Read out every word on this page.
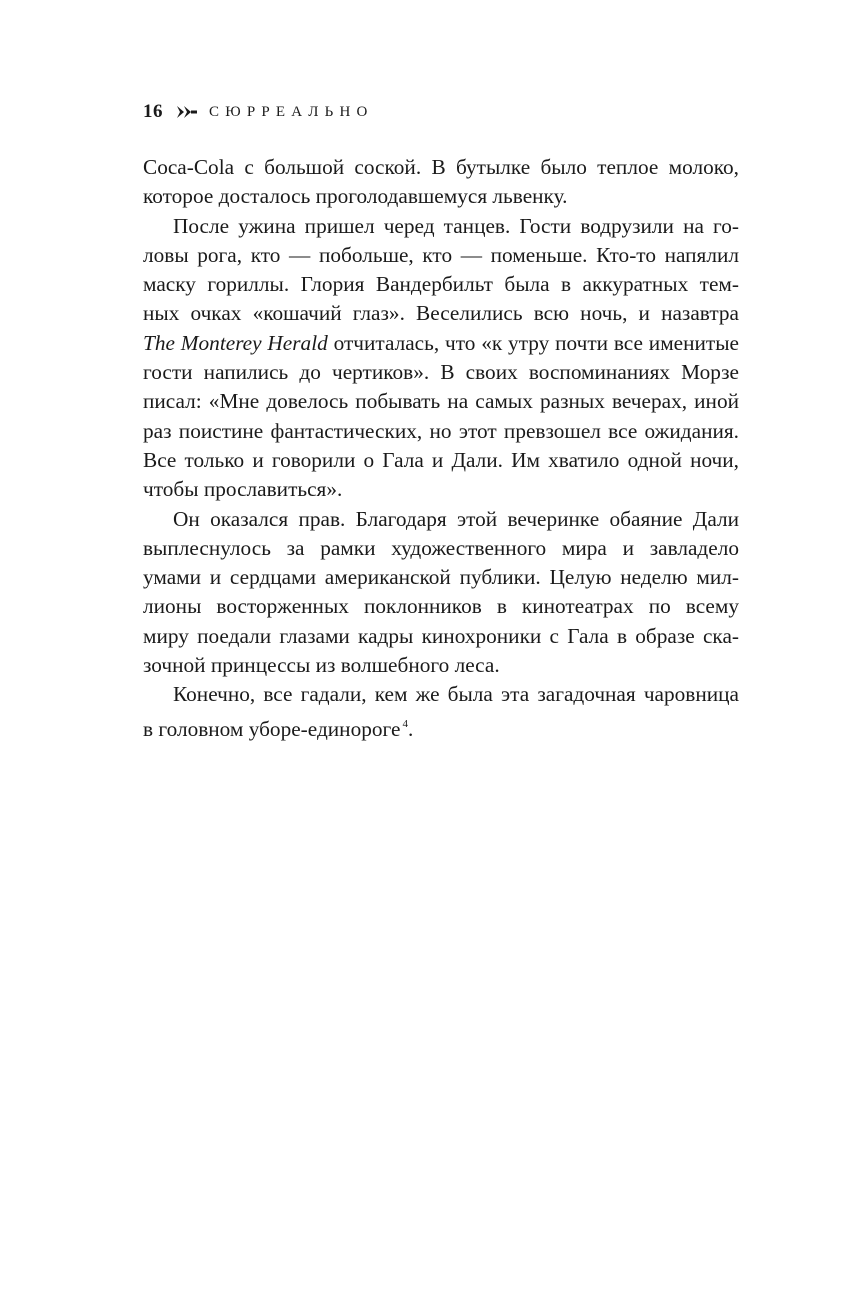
16	СЮРРЕАЛЬНО
Coca-Cola с большой соской. В бутылке было теплое молоко,
которое досталось проголодавшемуся львенку.
После ужина пришел черед танцев. Гости водрузили на го-
ловы рога, кто — побольше, кто — поменьше. Кто-то напялил
маску гориллы. Глория Вандербильт была в аккуратных тем-
ных очках «кошачий глаз». Веселились всю ночь, и назавтра
The Monterey Herald отчиталась, что «к утру почти все именитые
гости напились до чертиков». В своих воспоминаниях Морзе
писал: «Мне довелось побывать на самых разных вечерах, иной
раз поистине фантастических, но этот превзошел все ожидания.
Все только и говорили о Гала и Дали. Им хватило одной ночи,
чтобы прославиться».
Он оказался прав. Благодаря этой вечеринке обаяние Дали
выплеснулось за рамки художественного мира и завладело
умами и сердцами американской публики. Целую неделю мил-
лионы восторженных поклонников в кинотеатрах по всему
миру поедали глазами кадры кинохроники с Гала в образе ска-
зочной принцессы из волшебного леса.
Конечно, все гадали, кем же была эта загадочная чаровница
в головном уборе-единороге $^4$.
